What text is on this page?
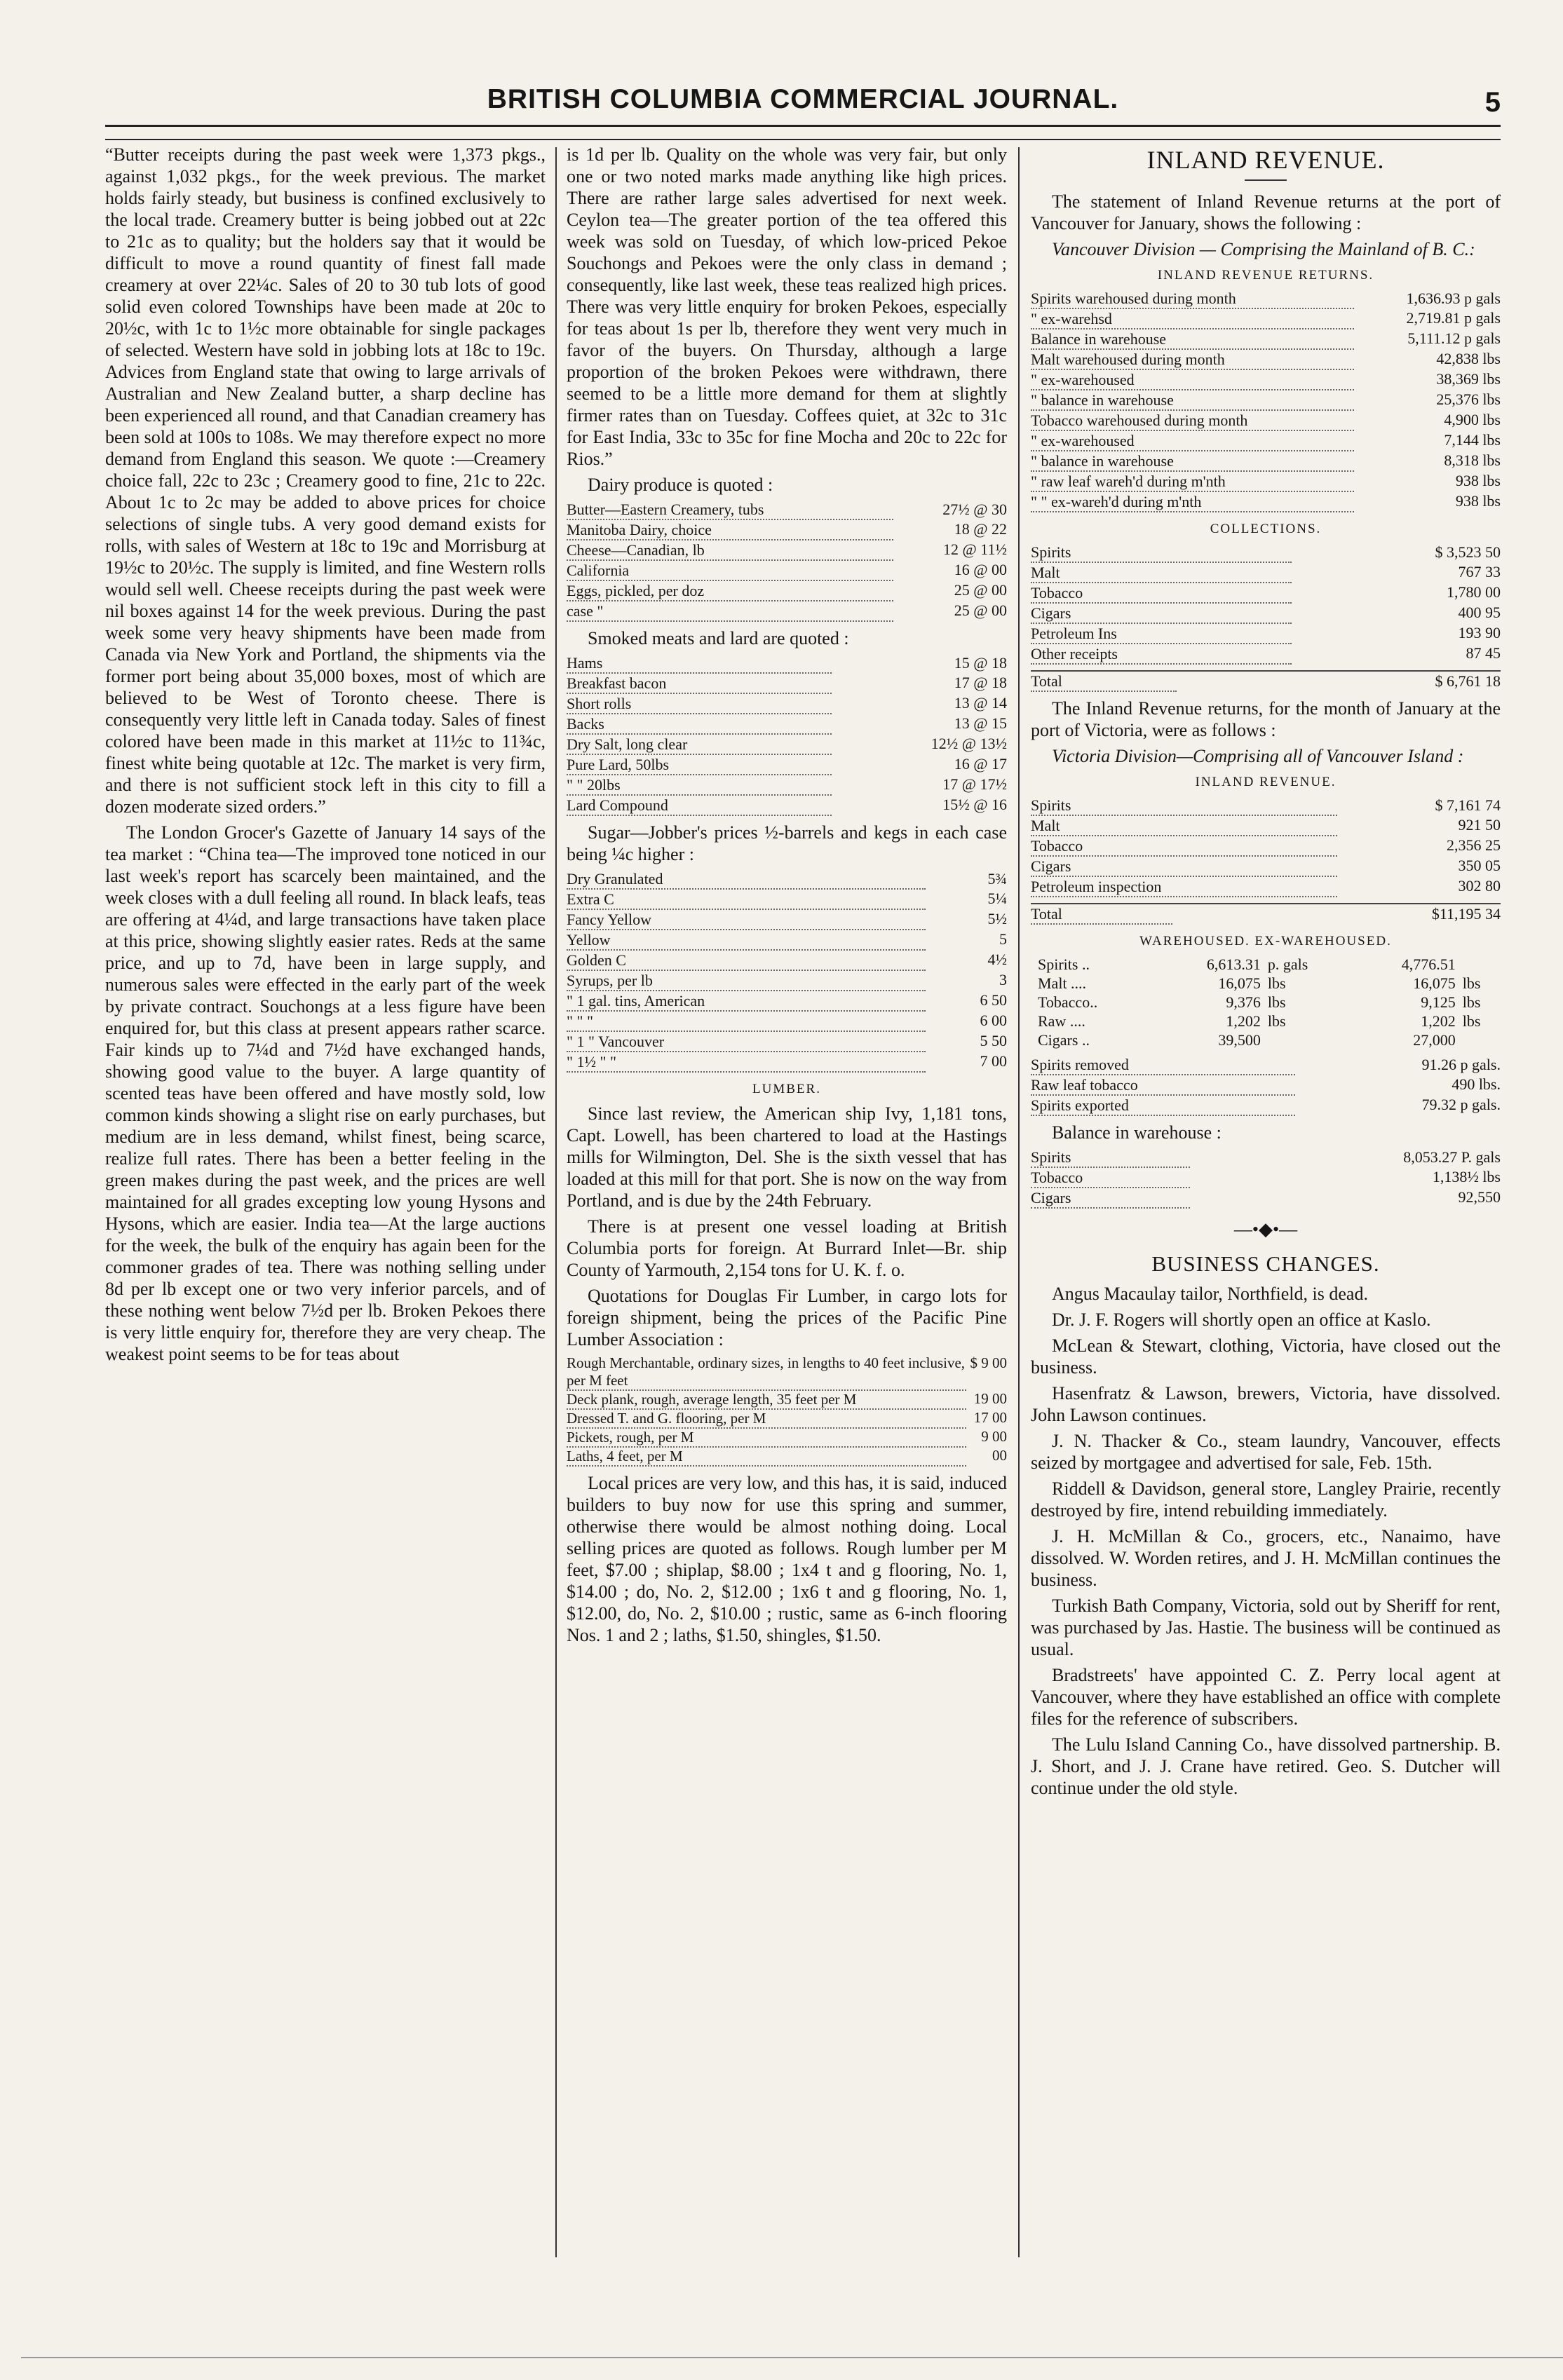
BRITISH COLUMBIA COMMERCIAL JOURNAL.	5

“Butter receipts during the past week were 1,373 pkgs., against 1,032 pkgs., for the week previous. The market holds fairly steady, but business is confined exclusively to the local trade. Creamery butter is being jobbed out at 22c to 21c as to quality; but the holders say that it would be difficult to move a round quantity of finest fall made creamery at over 22¼c. Sales of 20 to 30 tub lots of good solid even colored Townships have been made at 20c to 20½c, with 1c to 1½c more obtainable for single packages of selected. Western have sold in jobbing lots at 18c to 19c. Advices from England state that owing to large arrivals of Australian and New Zealand butter, a sharp decline has been experienced all round, and that Canadian creamery has been sold at 100s to 108s. We may therefore expect no more demand from England this season. We quote :—Creamery choice fall, 22c to 23c ; Creamery good to fine, 21c to 22c. About 1c to 2c may be added to above prices for choice selections of single tubs. A very good demand exists for rolls, with sales of Western at 18c to 19c and Morrisburg at 19½c to 20½c. The supply is limited, and fine Western rolls would sell well. Cheese receipts during the past week were nil boxes against 14 for the week previous. During the past week some very heavy shipments have been made from Canada via New York and Portland, the shipments via the former port being about 35,000 boxes, most of which are believed to be West of Toronto cheese. There is consequently very little left in Canada today. Sales of finest colored have been made in this market at 11½c to 11¾c, finest white being quotable at 12c. The market is very firm, and there is not sufficient stock left in this city to fill a dozen moderate sized orders.”

The London Grocer's Gazette of January 14 says of the tea market : “China tea—The improved tone noticed in our last week's report has scarcely been maintained, and the week closes with a dull feeling all round. In black leafs, teas are offering at 4¼d, and large transactions have taken place at this price, showing slightly easier rates. Reds at the same price, and up to 7d, have been in large supply, and numerous sales were effected in the early part of the week by private contract. Souchongs at a less figure have been enquired for, but this class at present appears rather scarce. Fair kinds up to 7¼d and 7½d have exchanged hands, showing good value to the buyer. A large quantity of scented teas have been offered and have mostly sold, low common kinds showing a slight rise on early purchases, but medium are in less demand, whilst finest, being scarce, realize full rates. There has been a better feeling in the green makes during the past week, and the prices are well maintained for all grades excepting low young Hysons and Hysons, which are easier. India tea—At the large auctions for the week, the bulk of the enquiry has again been for the commoner grades of tea. There was nothing selling under 8d per lb except one or two very inferior parcels, and of these nothing went below 7½d per lb. Broken Pekoes there is very little enquiry for, therefore they are very cheap. The weakest point seems to be for teas about

is 1d per lb. Quality on the whole was very fair, but only one or two noted marks made anything like high prices. There are rather large sales advertised for next week. Ceylon tea—The greater portion of the tea offered this week was sold on Tuesday, of which low-priced Pekoe Souchongs and Pekoes were the only class in demand ; consequently, like last week, these teas realized high prices. There was very little enquiry for broken Pekoes, especially for teas about 1s per lb, therefore they went very much in favor of the buyers. On Thursday, although a large proportion of the broken Pekoes were withdrawn, there seemed to be a little more demand for them at slightly firmer rates than on Tuesday. Coffees quiet, at 32c to 31c for East India, 33c to 35c for fine Mocha and 20c to 22c for Rios.”

Dairy produce is quoted :

Butter—Eastern Creamery, tubs	27½ @ 30
Manitoba Dairy, choice	18 @ 22
Cheese—Canadian, lb	12 @ 11½
California	16 @ 00
Eggs, pickled, per doz	25 @ 00
case "	25 @ 00

Smoked meats and lard are quoted :

Hams	15 @ 18
Breakfast bacon	17 @ 18
Short rolls	13 @ 14
Backs	13 @ 15
Dry Salt, long clear	12½ @ 13½
Pure Lard, 50lbs	16 @ 17
" " 20lbs	17 @ 17½
Lard Compound	15½ @ 16

Sugar—Jobber's prices ½-barrels and kegs in each case being ¼c higher :

Dry Granulated	5¾
Extra C	5¼
Fancy Yellow	5½
Yellow	5
Golden C	4½
Syrups, per lb	3
" 1 gal. tins, American	6 50
" " "	6 00
" 1 " Vancouver	5 50
" 1½ " "	7 00
LUMBER.

Since last review, the American ship Ivy, 1,181 tons, Capt. Lowell, has been chartered to load at the Hastings mills for Wilmington, Del. She is the sixth vessel that has loaded at this mill for that port. She is now on the way from Portland, and is due by the 24th February.

There is at present one vessel loading at British Columbia ports for foreign. At Burrard Inlet—Br. ship County of Yarmouth, 2,154 tons for U. K. f. o.

Quotations for Douglas Fir Lumber, in cargo lots for foreign shipment, being the prices of the Pacific Pine Lumber Association :

Rough Merchantable, ordinary sizes, in lengths to 40 feet inclusive, per M feet	$ 9 00
Deck plank, rough, average length, 35 feet per M	19 00
Dressed T. and G. flooring, per M	17 00
Pickets, rough, per M	9 00
Laths, 4 feet, per M	00

Local prices are very low, and this has, it is said, induced builders to buy now for use this spring and summer, otherwise there would be almost nothing doing. Local selling prices are quoted as follows. Rough lumber per M feet, $7.00 ; shiplap, $8.00 ; 1x4 t and g flooring, No. 1, $14.00 ; do, No. 2, $12.00 ; 1x6 t and g flooring, No. 1, $12.00, do, No. 2, $10.00 ; rustic, same as 6-inch flooring Nos. 1 and 2 ; laths, $1.50, shingles, $1.50.

INLAND REVENUE.

The statement of Inland Revenue returns at the port of Vancouver for January, shows the following :

Vancouver Division — Comprising the Mainland of B. C.:

INLAND REVENUE RETURNS.
Spirits warehoused during month	1,636.93 p gals
" ex-warehsd	2,719.81 p gals
Balance in warehouse	5,111.12 p gals
Malt warehoused during month	42,838 lbs
" ex-warehoused	38,369 lbs
" balance in warehouse	25,376 lbs
Tobacco warehoused during month	4,900 lbs
" ex-warehoused	7,144 lbs
" balance in warehouse	8,318 lbs
" raw leaf wareh'd during m'nth	938 lbs
" " ex-wareh'd during m'nth	938 lbs
COLLECTIONS.
Spirits	$ 3,523 50
Malt	767 33
Tobacco	1,780 00
Cigars	400 95
Petroleum Ins	193 90
Other receipts	87 45
Total	$ 6,761 18

The Inland Revenue returns, for the month of January at the port of Victoria, were as follows :

Victoria Division—Comprising all of Vancouver Island :

INLAND REVENUE.
Spirits	$ 7,161 74
Malt	921 50
Tobacco	2,356 25
Cigars	350 05
Petroleum inspection	302 80
Total	$11,195 34
WAREHOUSED. EX-WAREHOUSED.
Spirits ..	6,613.31	p. gals	4,776.51	
Malt ....	16,075	lbs	16,075	lbs
Tobacco..	9,376	lbs	9,125	lbs
Raw ....	1,202	lbs	1,202	lbs
Cigars ..	39,500		27,000	
Spirits removed	91.26 p gals.
Raw leaf tobacco	490 lbs.
Spirits exported	79.32 p gals.

Balance in warehouse :

Spirits	8,053.27 P. gals
Tobacco	1,138½ lbs
Cigars	92,550
—•◆•—
BUSINESS CHANGES.

Angus Macaulay tailor, Northfield, is dead.

Dr. J. F. Rogers will shortly open an office at Kaslo.

McLean & Stewart, clothing, Victoria, have closed out the business.

Hasenfratz & Lawson, brewers, Victoria, have dissolved. John Lawson continues.

J. N. Thacker & Co., steam laundry, Vancouver, effects seized by mortgagee and advertised for sale, Feb. 15th.

Riddell & Davidson, general store, Langley Prairie, recently destroyed by fire, intend rebuilding immediately.

J. H. McMillan & Co., grocers, etc., Nanaimo, have dissolved. W. Worden retires, and J. H. McMillan continues the business.

Turkish Bath Company, Victoria, sold out by Sheriff for rent, was purchased by Jas. Hastie. The business will be continued as usual.

Bradstreets' have appointed C. Z. Perry local agent at Vancouver, where they have established an office with complete files for the reference of subscribers.

The Lulu Island Canning Co., have dissolved partnership. B. J. Short, and J. J. Crane have retired. Geo. S. Dutcher will continue under the old style.
